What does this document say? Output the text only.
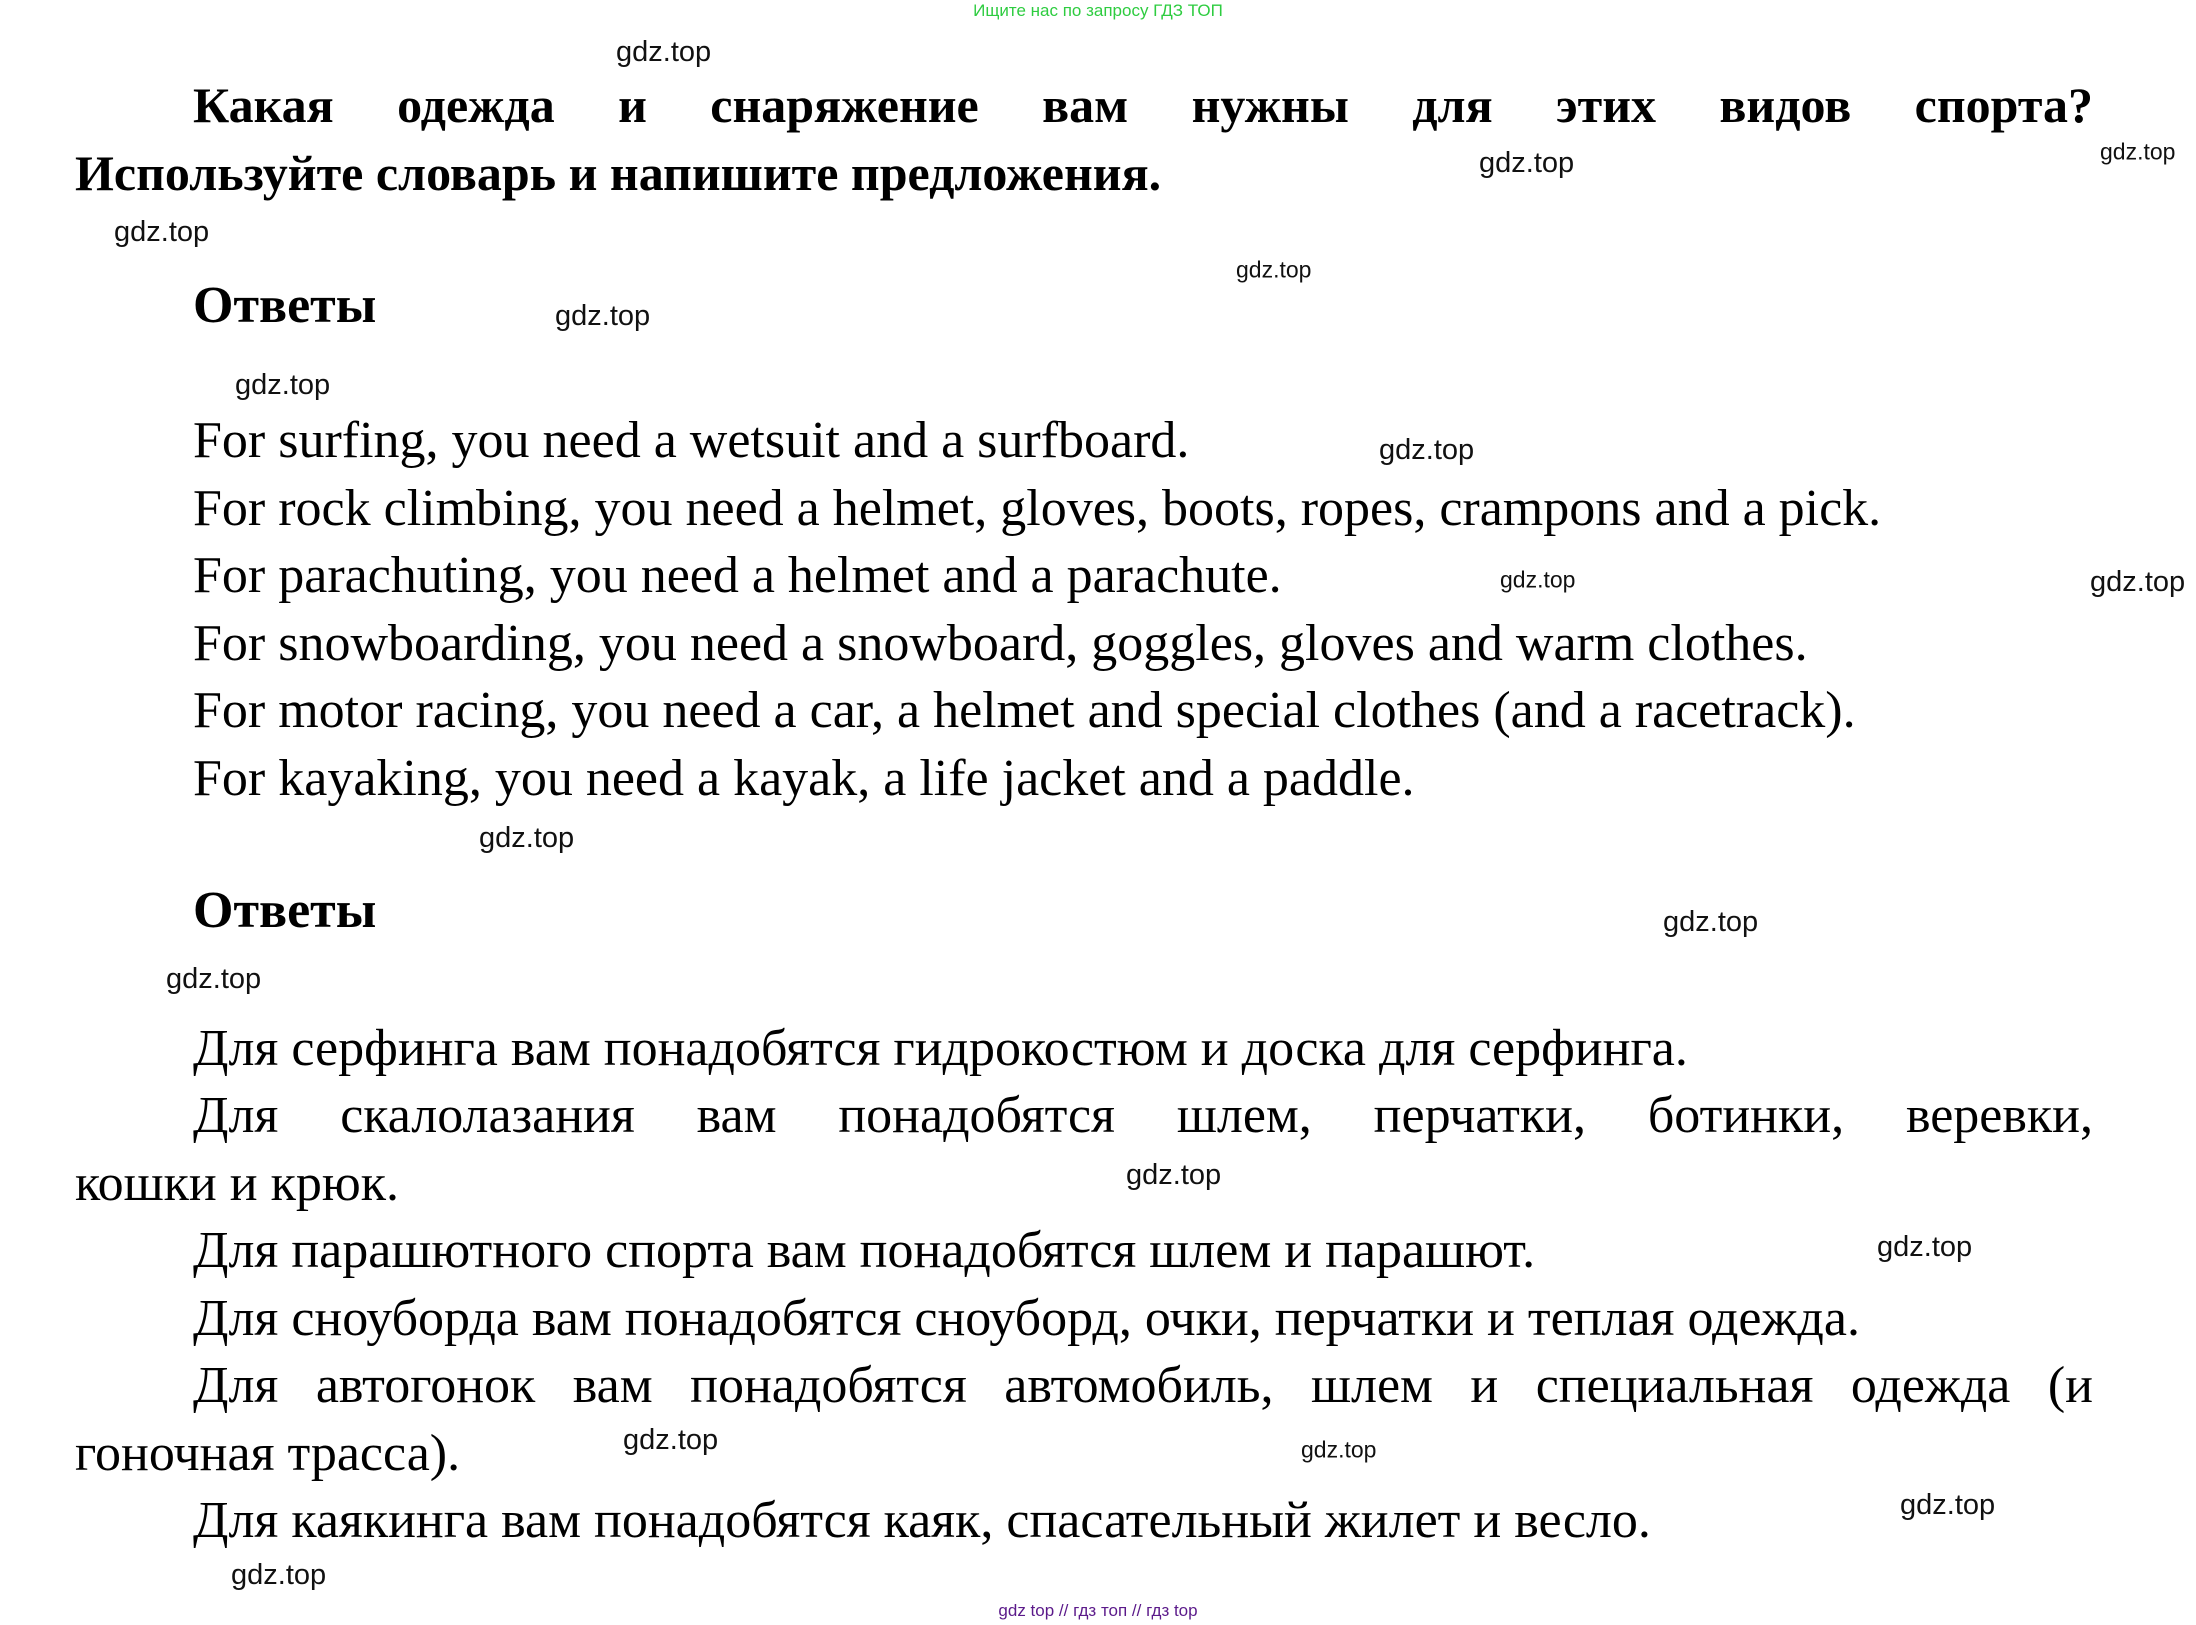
Ищите нас по запросу ГДЗ ТОП
Какая одежда и снаряжение вам нужны для этих видов спорта?
Используйте словарь и напишите предложения.
Ответы
For surfing, you need a wetsuit and a surfboard.
For rock climbing, you need a helmet, gloves, boots, ropes, crampons and a pick.
For parachuting, you need a helmet and a parachute.
For snowboarding, you need a snowboard, goggles, gloves and warm clothes.
For motor racing, you need a car, a helmet and special clothes (and a racetrack).
For kayaking, you need a kayak, a life jacket and a paddle.
Ответы
Для серфинга вам понадобятся гидрокостюм и доска для серфинга.
Для скалолазания вам понадобятся шлем, перчатки, ботинки, веревки,
кошки и крюк.
Для парашютного спорта вам понадобятся шлем и парашют.
Для сноуборда вам понадобятся сноуборд, очки, перчатки и теплая одежда.
Для автогонок вам понадобятся автомобиль, шлем и специальная одежда (и
гоночная трасса).
Для каякинга вам понадобятся каяк, спасательный жилет и весло.
gdz.top
gdz.top
gdz.top
gdz.top
gdz.top
gdz.top
gdz.top
gdz.top
gdz.top	gdz.top
gdz.top
gdz.top
gdz.top
gdz.top
gdz.top
gdz.top
gdz.top
gdz.top
gdz.top
gdz top // гдз топ // гдз top
